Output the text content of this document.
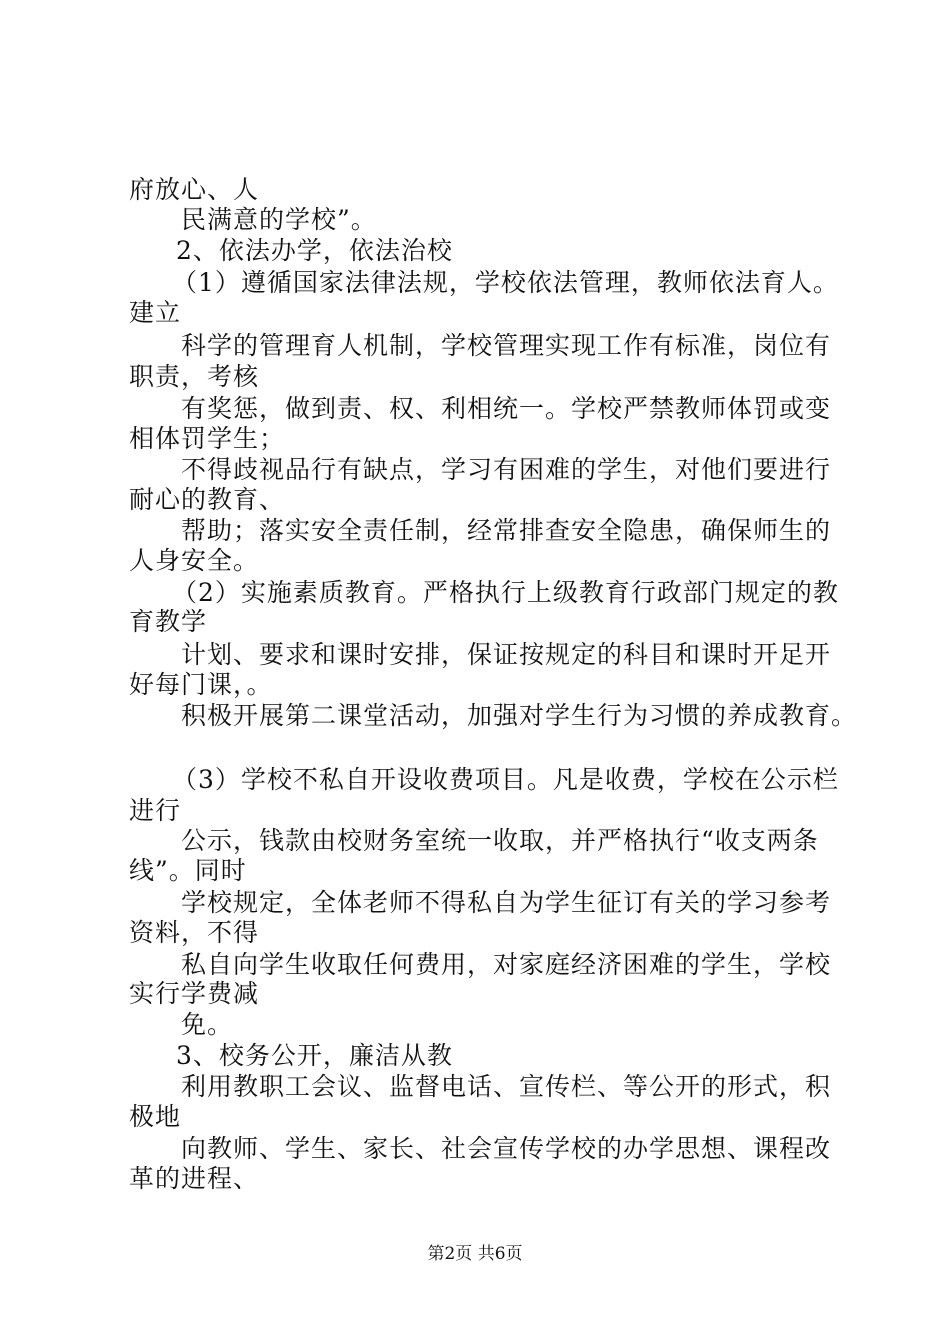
府放心、人
民满意的学校”。
2、依法办学，依法治校
（1）遵循国家法律法规，学校依法管理，教师依法育人。
建立
科学的管理育人机制，学校管理实现工作有标准，岗位有
职责，考核
有奖惩，做到责、权、利相统一。学校严禁教师体罚或变
相体罚学生；
不得歧视品行有缺点，学习有困难的学生，对他们要进行
耐心的教育、
帮助；落实安全责任制，经常排查安全隐患，确保师生的
人身安全。
（2）实施素质教育。严格执行上级教育行政部门规定的教
育教学
计划、要求和课时安排，保证按规定的科目和课时开足开
好每门课，。
积极开展第二课堂活动，加强对学生行为习惯的养成教育。
（3）学校不私自开设收费项目。凡是收费，学校在公示栏
进行
公示，钱款由校财务室统一收取，并严格执行“收支两条
线”。同时
学校规定，全体老师不得私自为学生征订有关的学习参考
资料，不得
私自向学生收取任何费用，对家庭经济困难的学生，学校
实行学费减
免。
3、校务公开，廉洁从教
利用教职工会议、监督电话、宣传栏、等公开的形式，积
极地
向教师、学生、家长、社会宣传学校的办学思想、课程改
革的进程、
第2页 共6页
